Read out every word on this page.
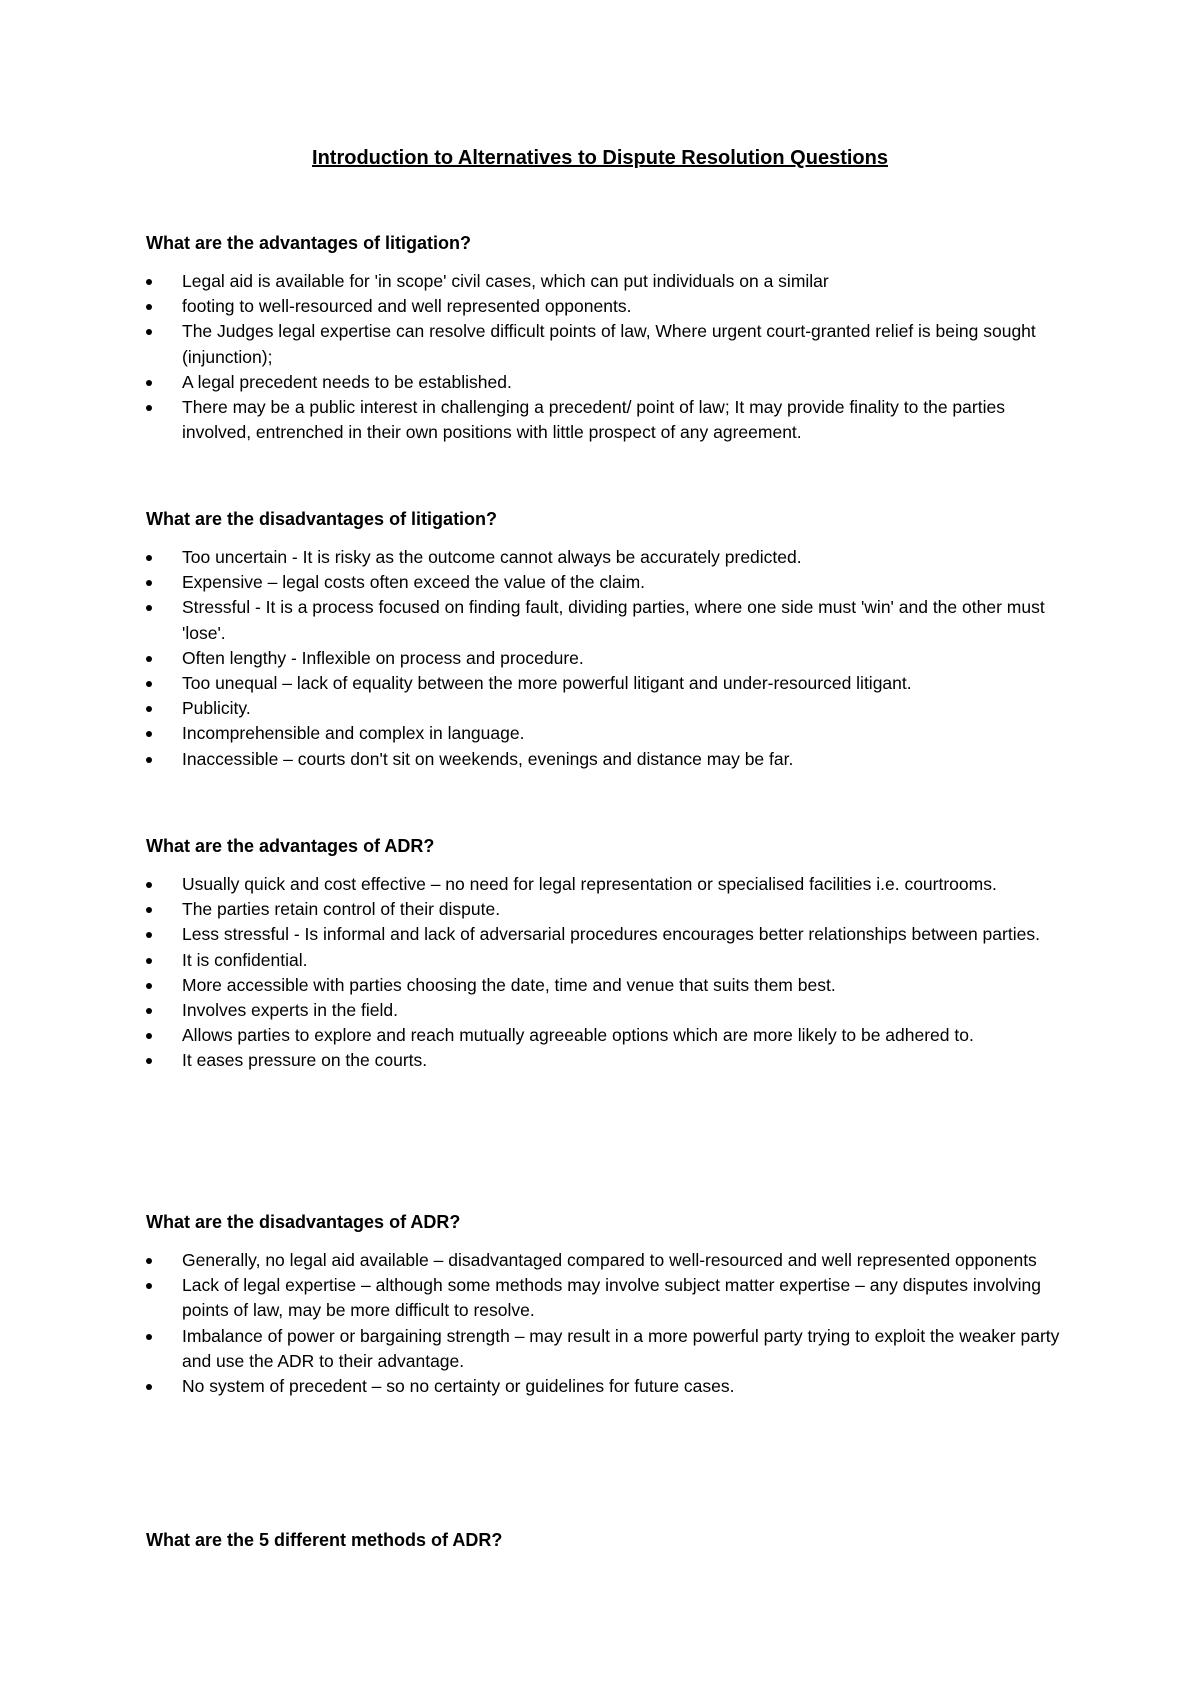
Introduction to Alternatives to Dispute Resolution Questions
What are the advantages of litigation?
Legal aid is available for 'in scope' civil cases, which can put individuals on a similar
footing to well-resourced and well represented opponents.
The Judges legal expertise can resolve difficult points of law, Where urgent court-granted relief is being sought (injunction);
A legal precedent needs to be established.
There may be a public interest in challenging a precedent/ point of law; It may provide finality to the parties involved, entrenched in their own positions with little prospect of any agreement.
What are the disadvantages of litigation?
Too uncertain - It is risky as the outcome cannot always be accurately predicted.
Expensive – legal costs often exceed the value of the claim.
Stressful - It is a process focused on finding fault, dividing parties, where one side must 'win' and the other must 'lose'.
Often lengthy - Inflexible on process and procedure.
Too unequal – lack of equality between the more powerful litigant and under-resourced litigant.
Publicity.
Incomprehensible and complex in language.
Inaccessible – courts don't sit on weekends, evenings and distance may be far.
What are the advantages of ADR?
Usually quick and cost effective – no need for legal representation or specialised facilities i.e. courtrooms.
The parties retain control of their dispute.
Less stressful - Is informal and lack of adversarial procedures encourages better relationships between parties.
It is confidential.
More accessible with parties choosing the date, time and venue that suits them best.
Involves experts in the field.
Allows parties to explore and reach mutually agreeable options which are more likely to be adhered to.
It eases pressure on the courts.
What are the disadvantages of ADR?
Generally, no legal aid available – disadvantaged compared to well-resourced and well represented opponents
Lack of legal expertise – although some methods may involve subject matter expertise – any disputes involving points of law, may be more difficult to resolve.
Imbalance of power or bargaining strength – may result in a more powerful party trying to exploit the weaker party and use the ADR to their advantage.
No system of precedent – so no certainty or guidelines for future cases.
What are the 5 different methods of ADR?
